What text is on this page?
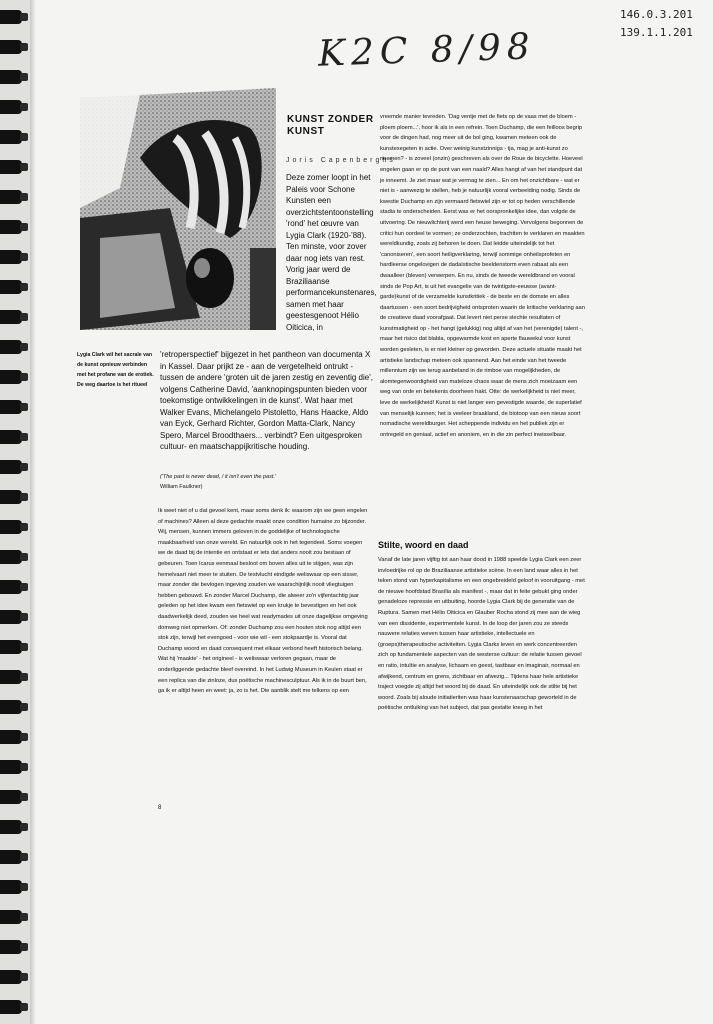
146.0.3.201
139.1.1.201
K2C 8/98
Lygia Clark wil het sacrale van de kunst opnieuw verbinden met het profane van de erotiek. De weg daartoe is het ritueel
KUNST ZONDER KUNST
Joris Capenberghs

Deze zomer loopt in het Paleis voor Schone Kunsten een overzichtstentoonstelling 'rond' het œuvre van Lygia Clark (1920-'88). Ten minste, voor zover daar nog iets van rest. Vorig jaar werd de Braziliaanse performancekunstenares, samen met haar geestesgenoot Hélio Oiticica, in

('The past is never dead, / it isn't even the past.'

William Faulkner)

Ik weet niet of u dat gevoel kent, maar soms denk ik: waarom zijn we geen engelen of machines? Alleen al deze gedachte maakt onze condition humaine zo bijzonder. Wij, mensen, kunnen immers geloven in de goddelijke of technologische maakbaarheid van onze wereld. En natuurlijk ook in het tegendeel. Soms voegen we de daad bij de intentie en ontstaat er iets dat anders nooit zou bestaan of gebeuren. Toen Icarus eenmaal besloot om boven alles uit te stijgen, was zijn hemelvaart niet meer te stuiten. De testvlucht eindigde weliswaar op een sisser, maar zonder die bevlogen ingeving zouden we waarschijnlijk nooit vliegtuigen hebben gebouwd. En zonder Marcel Duchamp, die alweer zo'n vijfentachtig jaar geleden op het idee kwam een fietswiel op een krukje te bevestigen en het ook daadwerkelijk deed, zouden we heel wat readymades uit onze dagelijkse omgeving domweg niet opmerken. Of: zonder Duchamp zou een houten stok nog altijd een stok zijn, terwijl het evengoed - voor wie wil - een stokpaardje is. Vooral dat Duchamp woord en daad consequent met elkaar verbond heeft historisch belang. Wat hij 'maakte' - het origineel - is weliswaar verloren gegaan, maar de onderliggende gedachte bleef overeind. In het Ludwig Museum in Keulen staat er een replica van die zinloze, dus poëtische machinesculptuur. Als ik in de buurt ben, ga ik er altijd heen en weet: ja, zo is het. Die aanblik stelt me telkens op een

vreemde manier tevreden. 'Dag ventje met de fiets op de vaas met de bloem - ploem ploem...', hoor ik als in een refrein. Toen Duchamp, die een feilloos begrip voor de dingen had, nog meer uit de bol ging, kwamen meteen ook de kunstexegeten in actie. Over weinig kunstzinnigs - tja, mag je anti-kunst zo noemen? - is zoveel (onzin) geschreven als over de Roue de bicyclette. Hoeveel engelen gaan er op de punt van een naald? Alles hangt af van het standpunt dat je inneemt. Je ziet maar wat je vermag te zien... En om het onzichtbare - wat er niet is - aanwezig te stellen, heb je natuurlijk vooral verbeelding nodig. Sinds de kwestie Duchamp en zijn vermaard fietswiel zijn er tot op heden verschillende stadia te onderscheiden. Eerst was er het oorspronkelijke idee, dan volgde de uitvoering. De nieuwlichterij werd een heuse beweging. Vervolgens begonnen de critici hun oordeel te vormen; ze onderzochten, trachtten te verklaren en maakten wereldkundig, zoals zij behoren te doen. Dat leidde uiteindelijk tot het 'canoniseren', een soort heiligverklaring, terwijl sommige onheilsprofeten en hardleerse ongelovigen de dadaïstische beeldenstorm even rabaat als een dwaalleer (bleven) verwerpen. En nu, sinds de tweede wereldbrand en vooral sinds de Pop Art, is uit het evangelie van de twintigste-eeuwse (avant-garde)kunst of de verzamelde kunstkritiek - de beste en de domste en alles daartussen - een soort bedrijvigheid ontsproten waarin de kritische verklaring aan de creatieve daad voorafgaat. Dat levert niet perse slechte resultaten of kunstmatigheid op - het hangt (gelukkig) nog altijd af van het (verenigde) talent -, maar het risico dat blabla, opgewarmde kost en aperte flauwekul voor kunst worden gesleten, is er niet kleiner op geworden. Deze actuele situatie maakt het artistieke landschap meteen ook spannend. Aan het einde van het tweede millennium zijn we terug aanbeland in de rimboe van mogelijkheden, de alomtegenwoordigheid van mateloze chaos waar de mens zich moeizaam een weg van orde en betekenis doorheen hakt. Otte: de werkelijkheid is niet meer, leve de werkelijkheid! Kunst is niet langer een gevestigde waarde, de superlatief van menselijk kunnen; het is veeleer braakland, de biotoop van een nieuw soort nomadische wereldburger. Het scheppende individu en het publiek zijn er ontregeld en geniaal, actief en anoniem, en in die zin perfect inwisselbaar.

Stilte, woord en daad

Vanaf de late jaren vijftig tot aan haar dood in 1988 speelde Lygia Clark een zeer invloedrijke rol op de Braziliaanse artistieke scène. In een land waar alles in het teken stond van hyperkapitalisme en een ongebreideld geloof in vooruitgang - met de nieuwe hoofdstad Brasília als manifest -, maar dat in feite gebukt ging onder genadeloze repressie en uitbuiting, hoorde Lygia Clark bij de generatie van de Ruptura. Samen met Hélio Oiticica en Glauber Rocha stond zij mee aan de wieg van een dissidente, experimentele kunst. In de loop der jaren zou ze steeds nauwere relaties weven tussen haar artistieke, intellectuele en (groeps)therapeutische activiteiten. Lygia Clarks leven en werk concentreerden zich op fundamentele aspecten van de westerse cultuur: de relatie tussen gevoel en ratio, intuïtie en analyse, lichaam en geest, tastbaar en imaginair, normaal en afwijkend, centrum en grens, zichtbaar en afwezig... Tijdens haar hele artistieke traject voegde zij altijd het woord bij de daad. En uiteindelijk ook de stilte bij het woord. Zoals bij aloude initiatieriten was haar kunstenaarschap geworteld in de poëtische ontluiking van het subject, dat pas gestalte kreeg in het

8
'retroperspectief' bijgezet in het pantheon van documenta X in Kassel. Daar prijkt ze - aan de vergetelheid ontrukt - tussen de andere 'groten uit de jaren zestig en zeventig die', volgens Catherine David, 'aanknopingspunten bieden voor toekomstige ontwikkelingen in de kunst'. Wat haar met Walker Evans, Michelangelo Pistoletto, Hans Haacke, Aldo van Eyck, Gerhard Richter, Gordon Matta-Clark, Nancy Spero, Marcel Broodthaers... verbindt? Een uitgesproken cultuur- en maatschappijkritische houding.
